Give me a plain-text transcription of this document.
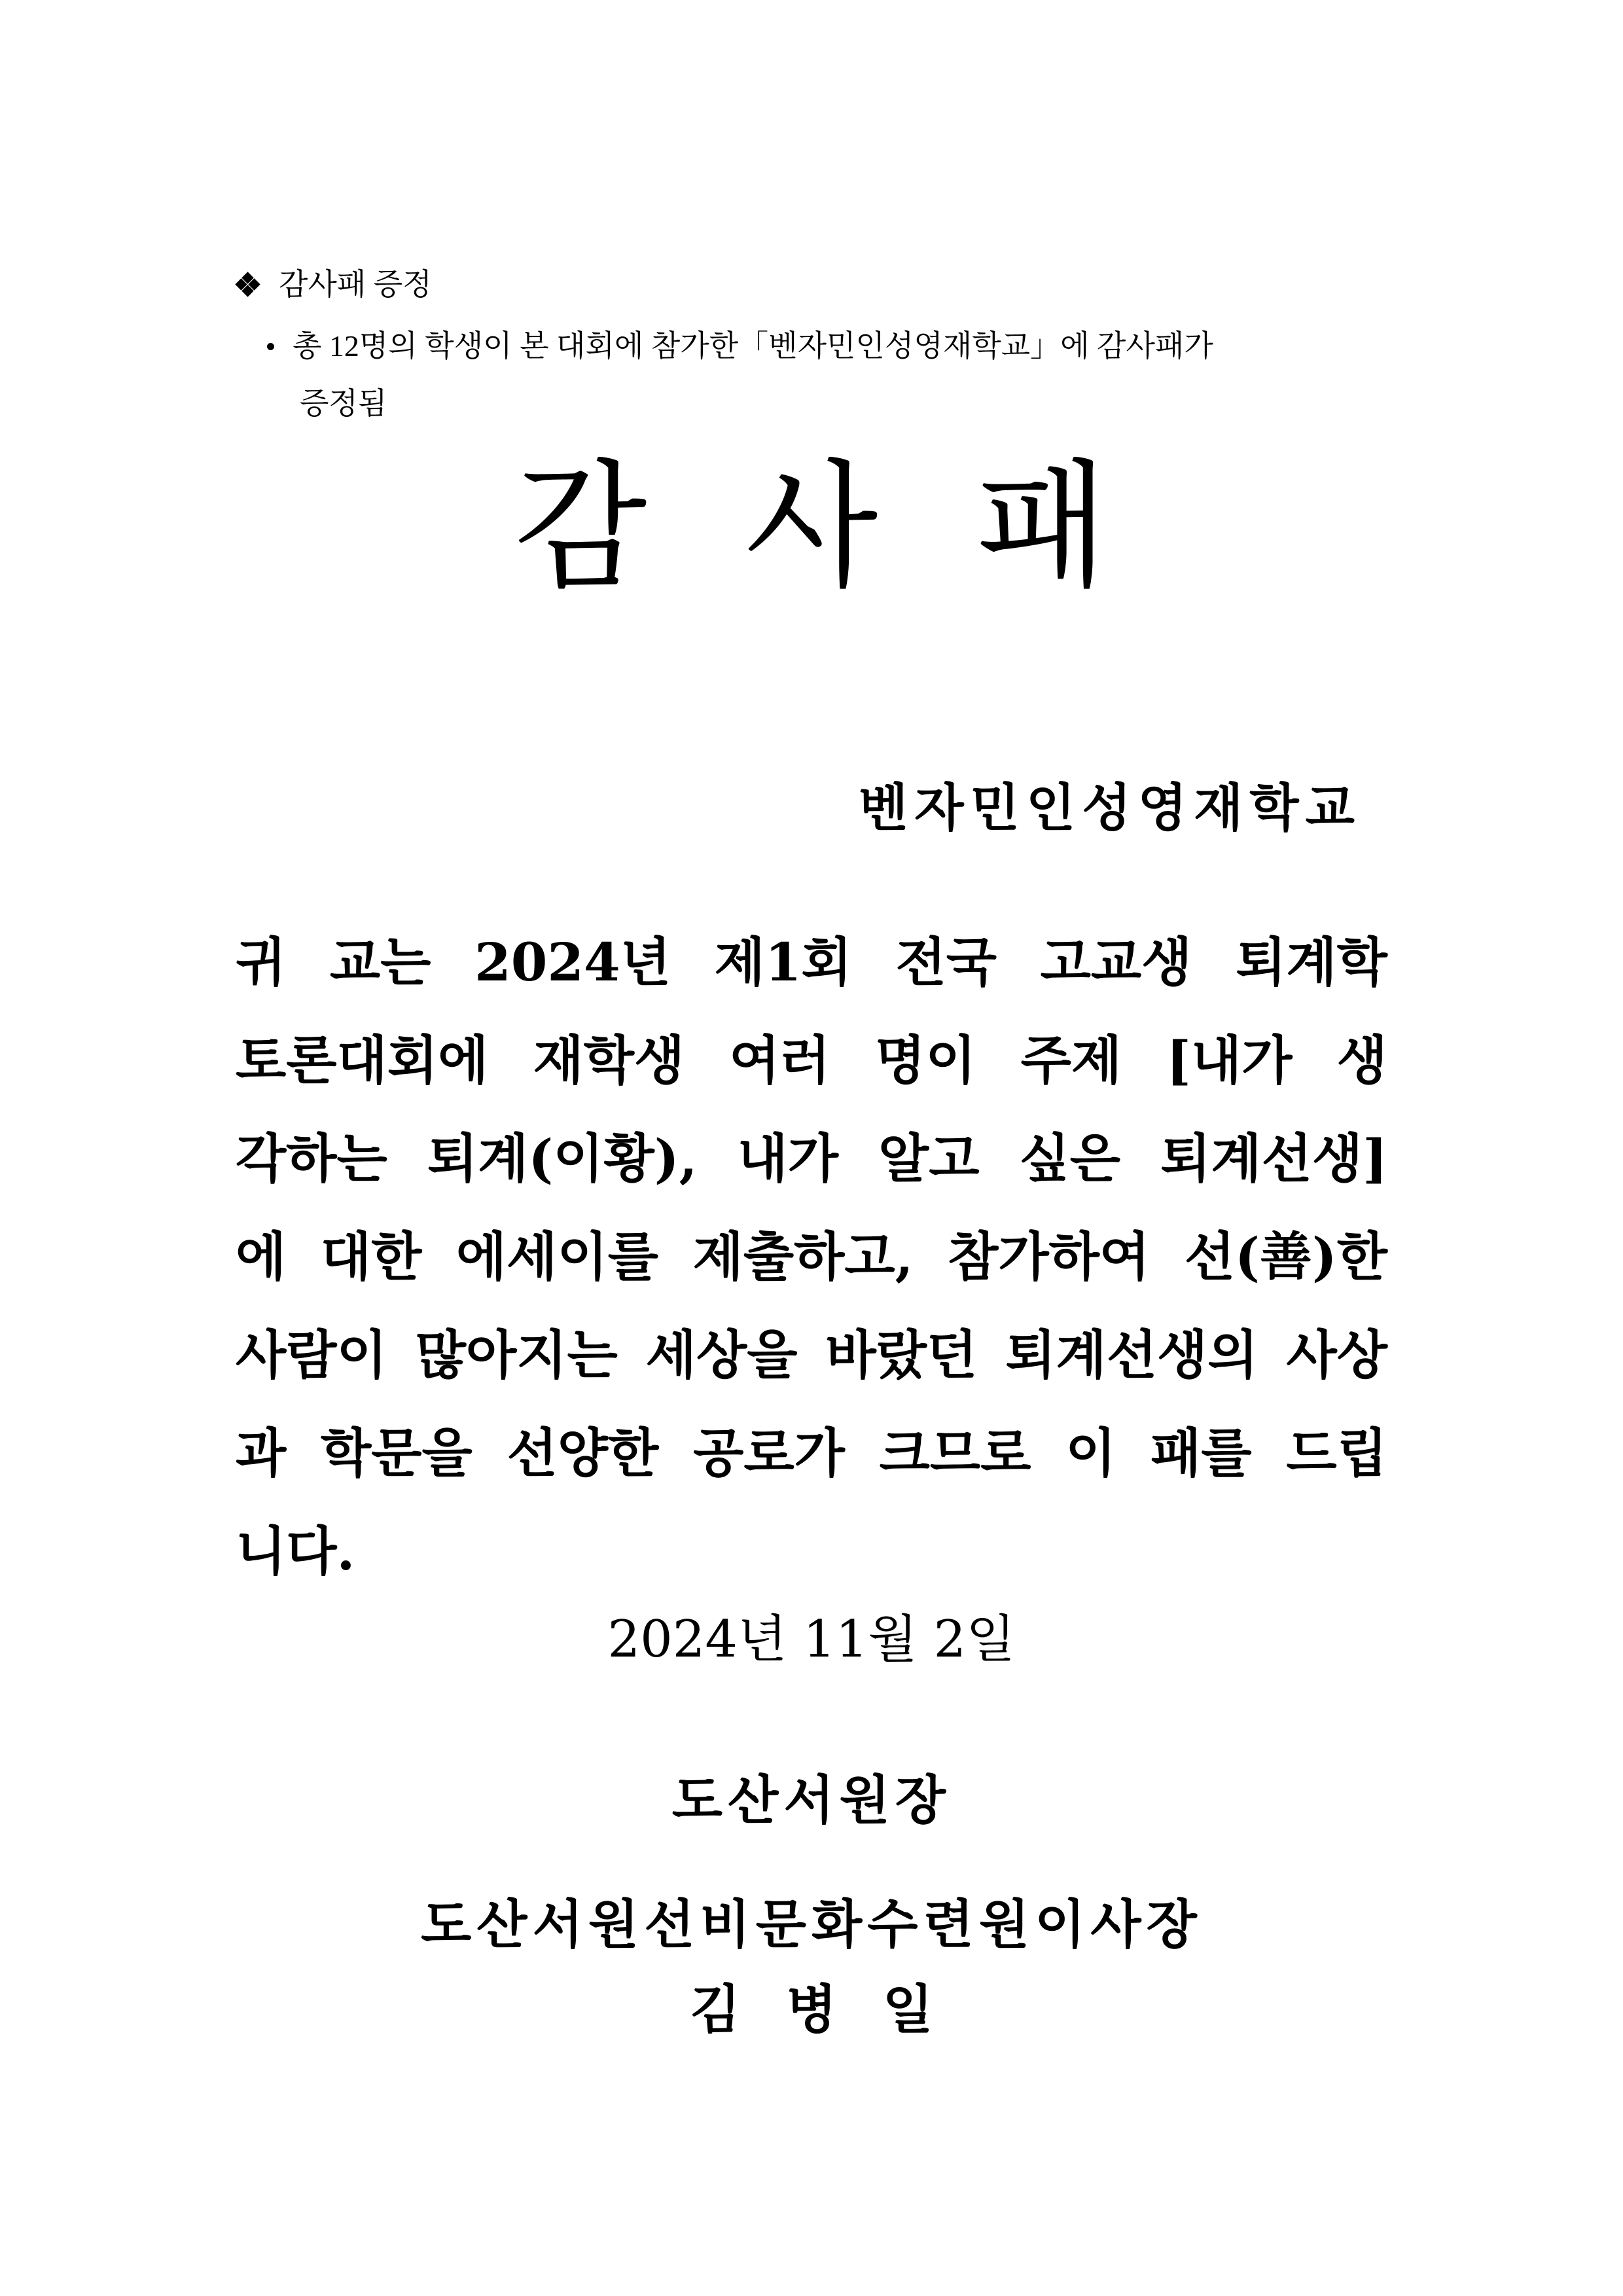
감사패 증정
총 12명의 학생이 본 대회에 참가한「벤자민인성영재학교」에 감사패가
증정됨
감사패
벤자민인성영재학교
귀 교는 2024년 제1회 전국 고교생 퇴계학
토론대회에 재학생 여러 명이 주제 [내가 생
각하는 퇴계(이황), 내가 알고 싶은 퇴계선생]
에 대한 에세이를 제출하고, 참가하여 선(善)한
사람이 많아지는 세상을 바랐던 퇴계선생의 사상
과 학문을 선양한 공로가 크므로 이 패를 드립
니다.
2024년 11월 2일
도산서원장
도산서원선비문화수련원이사장
김병일
